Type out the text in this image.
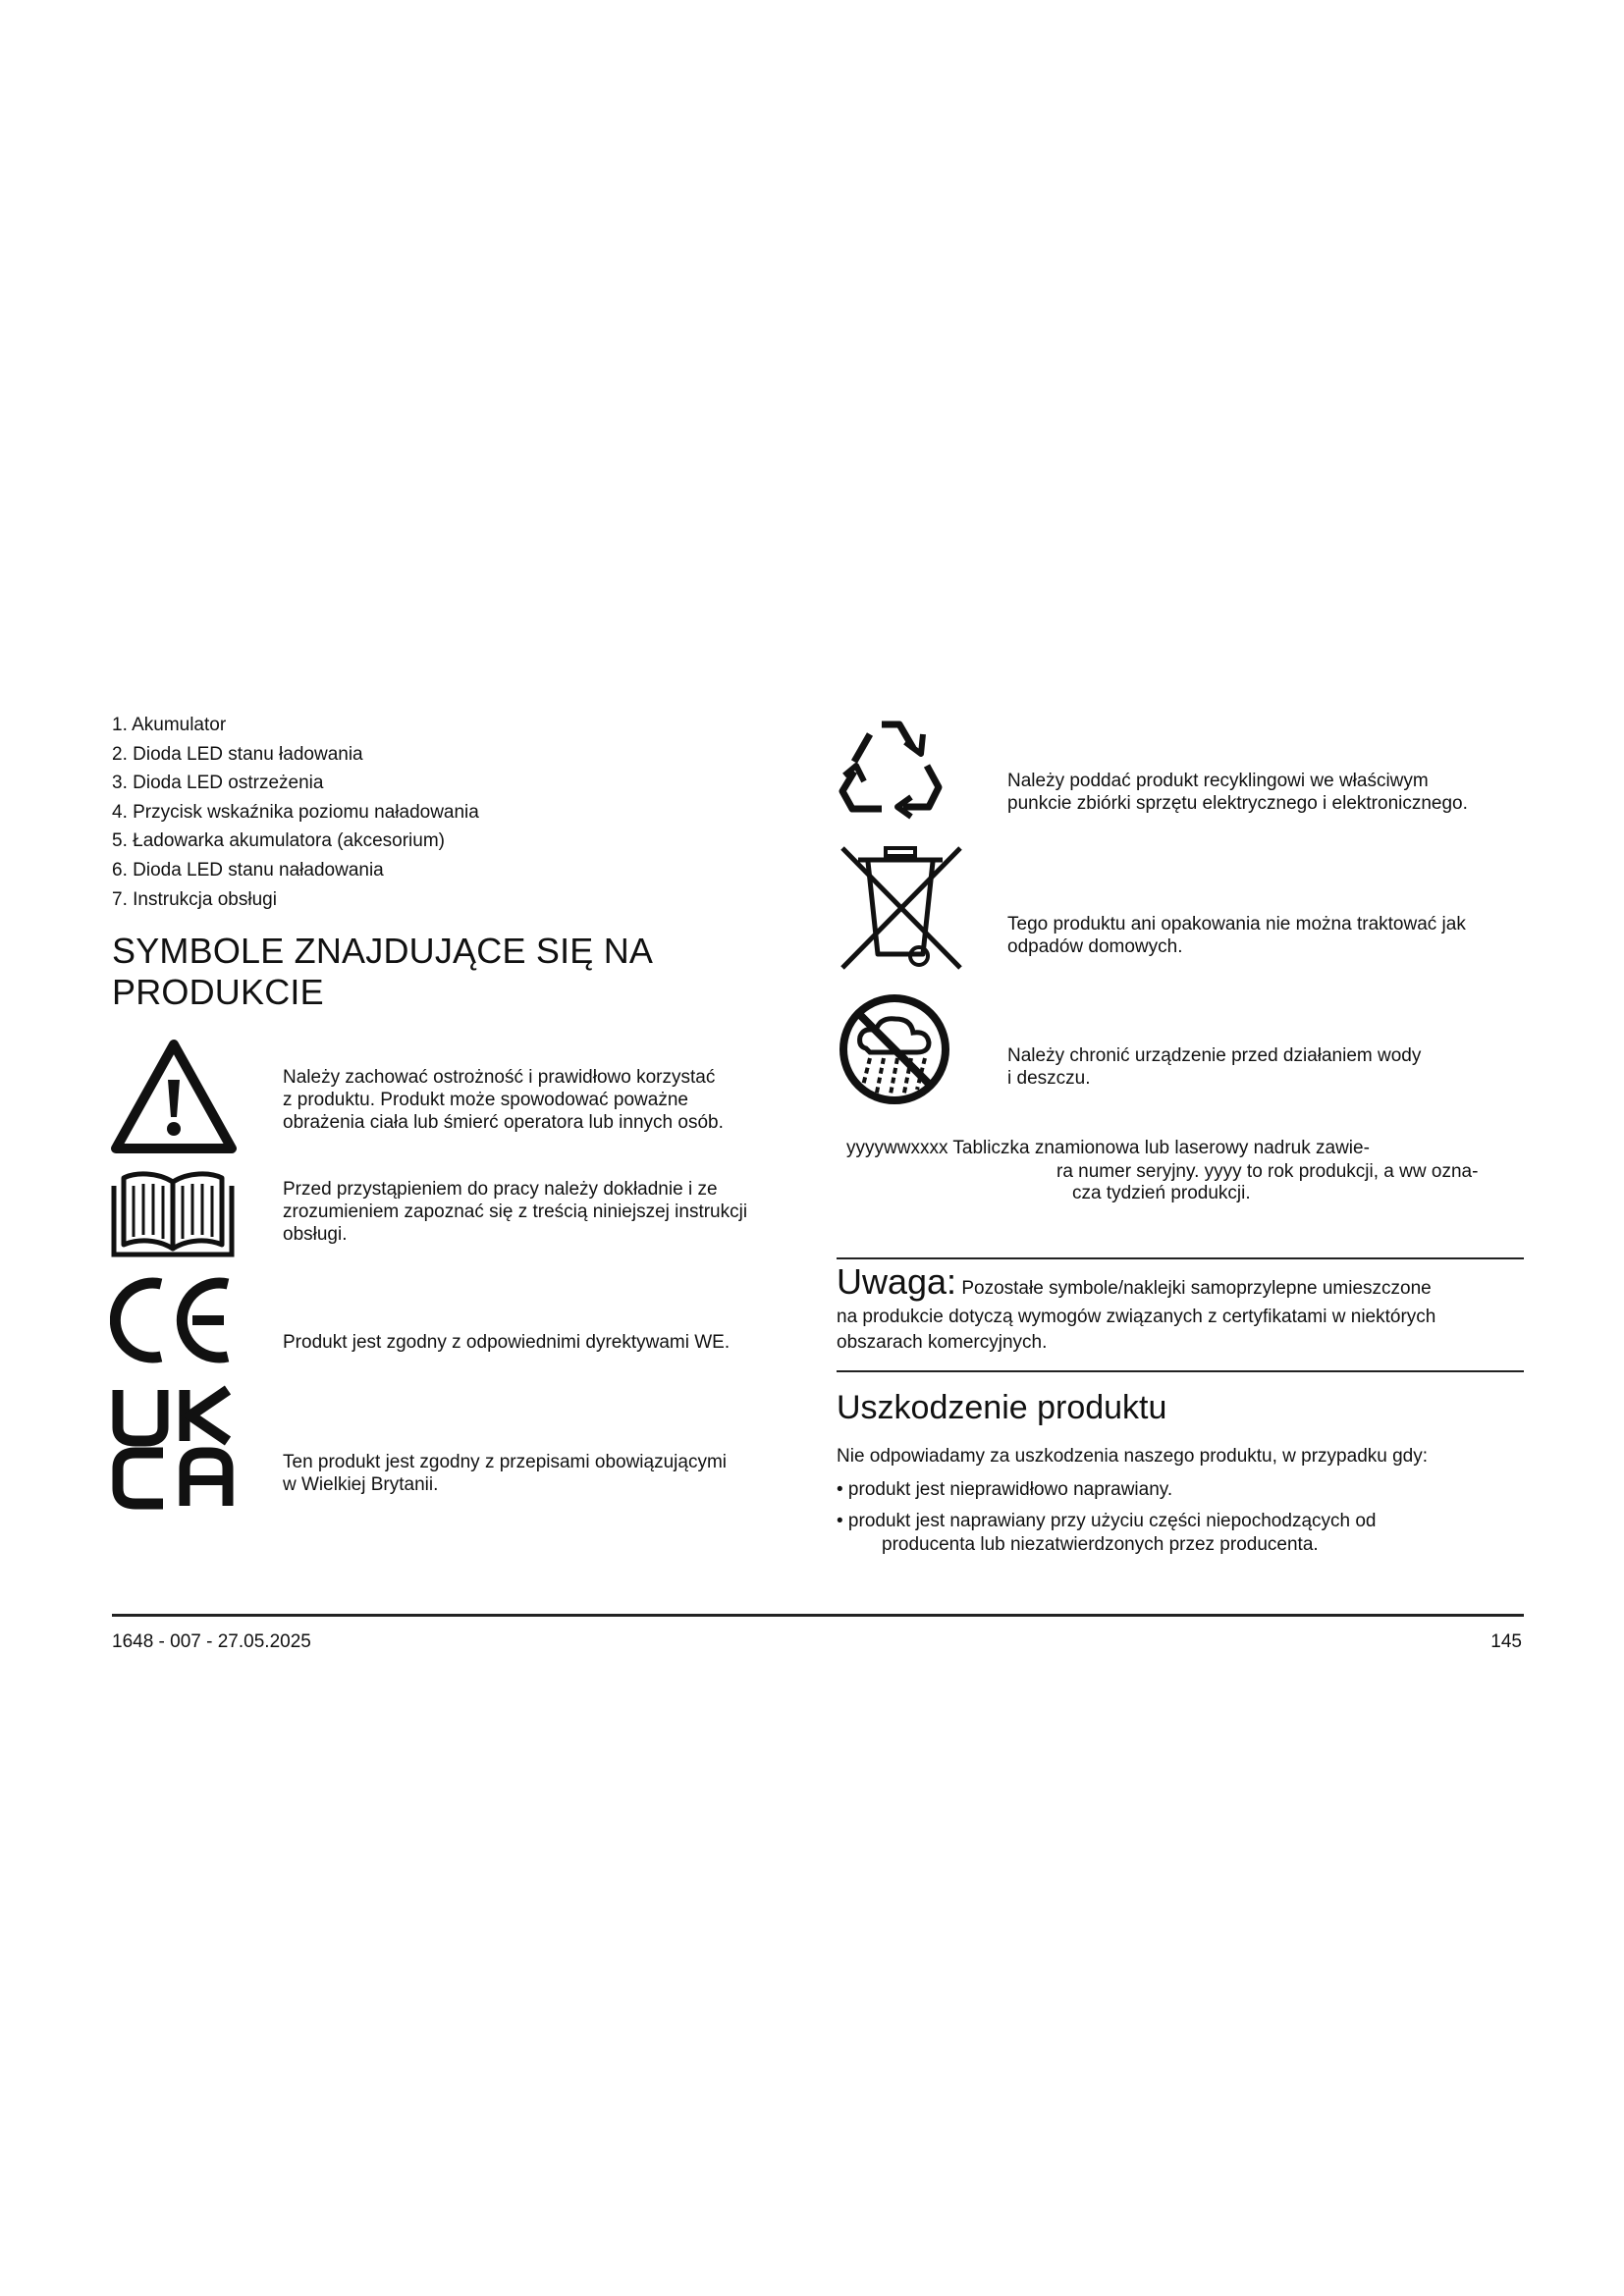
1. Akumulator
2. Dioda LED stanu ładowania
3. Dioda LED ostrzeżenia
4. Przycisk wskaźnika poziomu naładowania
5. Ładowarka akumulatora (akcesorium)
6. Dioda LED stanu naładowania
7. Instrukcja obsługi
SYMBOLE ZNAJDUJĄCE SIĘ NA
PRODUKCIE
Należy zachować ostrożność i prawidłowo korzystać
z produktu. Produkt może spowodować poważne
obrażenia ciała lub śmierć operatora lub innych osób.
Przed przystąpieniem do pracy należy dokładnie i ze
zrozumieniem zapoznać się z treścią niniejszej instrukcji
obsługi.
Produkt jest zgodny z odpowiednimi dyrektywami WE.
Ten produkt jest zgodny z przepisami obowiązującymi
w Wielkiej Brytanii.
Należy poddać produkt recyklingowi we właściwym
punkcie zbiórki sprzętu elektrycznego i elektronicznego.
Tego produktu ani opakowania nie można traktować jak
odpadów domowych.
Należy chronić urządzenie przed działaniem wody
i deszczu.
yyyywwxxxx Tabliczka znamionowa lub laserowy nadruk zawie-
ra numer seryjny. yyyy to rok produkcji, a ww ozna-
cza tydzień produkcji.
Uwaga: Pozostałe symbole/naklejki samoprzylepne umieszczone
na produkcie dotyczą wymogów związanych z certyfikatami w niektórych
obszarach komercyjnych.
Uszkodzenie produktu
Nie odpowiadamy za uszkodzenia naszego produktu, w przypadku gdy:
• produkt jest nieprawidłowo naprawiany.
• produkt jest naprawiany przy użyciu części niepochodzących od
producenta lub niezatwierdzonych przez producenta.
1648 - 007 - 27.05.2025	145
